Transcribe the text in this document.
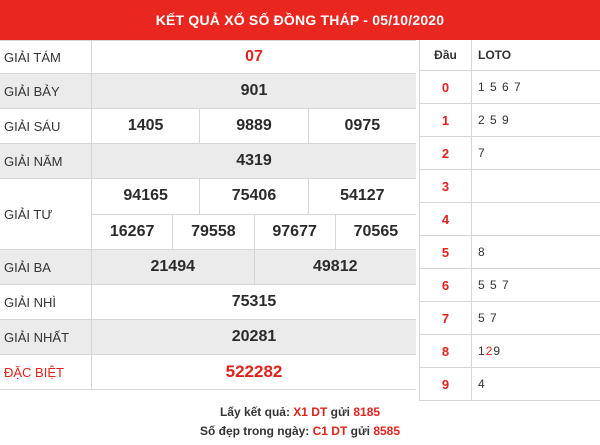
KẾT QUẢ XỔ SỐ ĐỒNG THÁP - 05/10/2020
GIẢI TÁM	07
GIẢI BẢY	901
GIẢI SÁU	1405	9889	0975
GIẢI NĂM	4319
GIẢI TƯ
94165	75406	54127
16267	79558	97677	70565
GIẢI BA	21494	49812
GIẢI NHÌ	75315
GIẢI NHẤT	20281
ĐẶC BIỆT	522282
Đầu	LOTO
0	1 5 6 7
1	2 5 9
2	7
3
4
5	8
6	5 5 7
7	5 7
8	1 2 9
9	4
Lấy kết quả: X1 DT gửi 8185
Số đẹp trong ngày: C1 DT gửi 8585
